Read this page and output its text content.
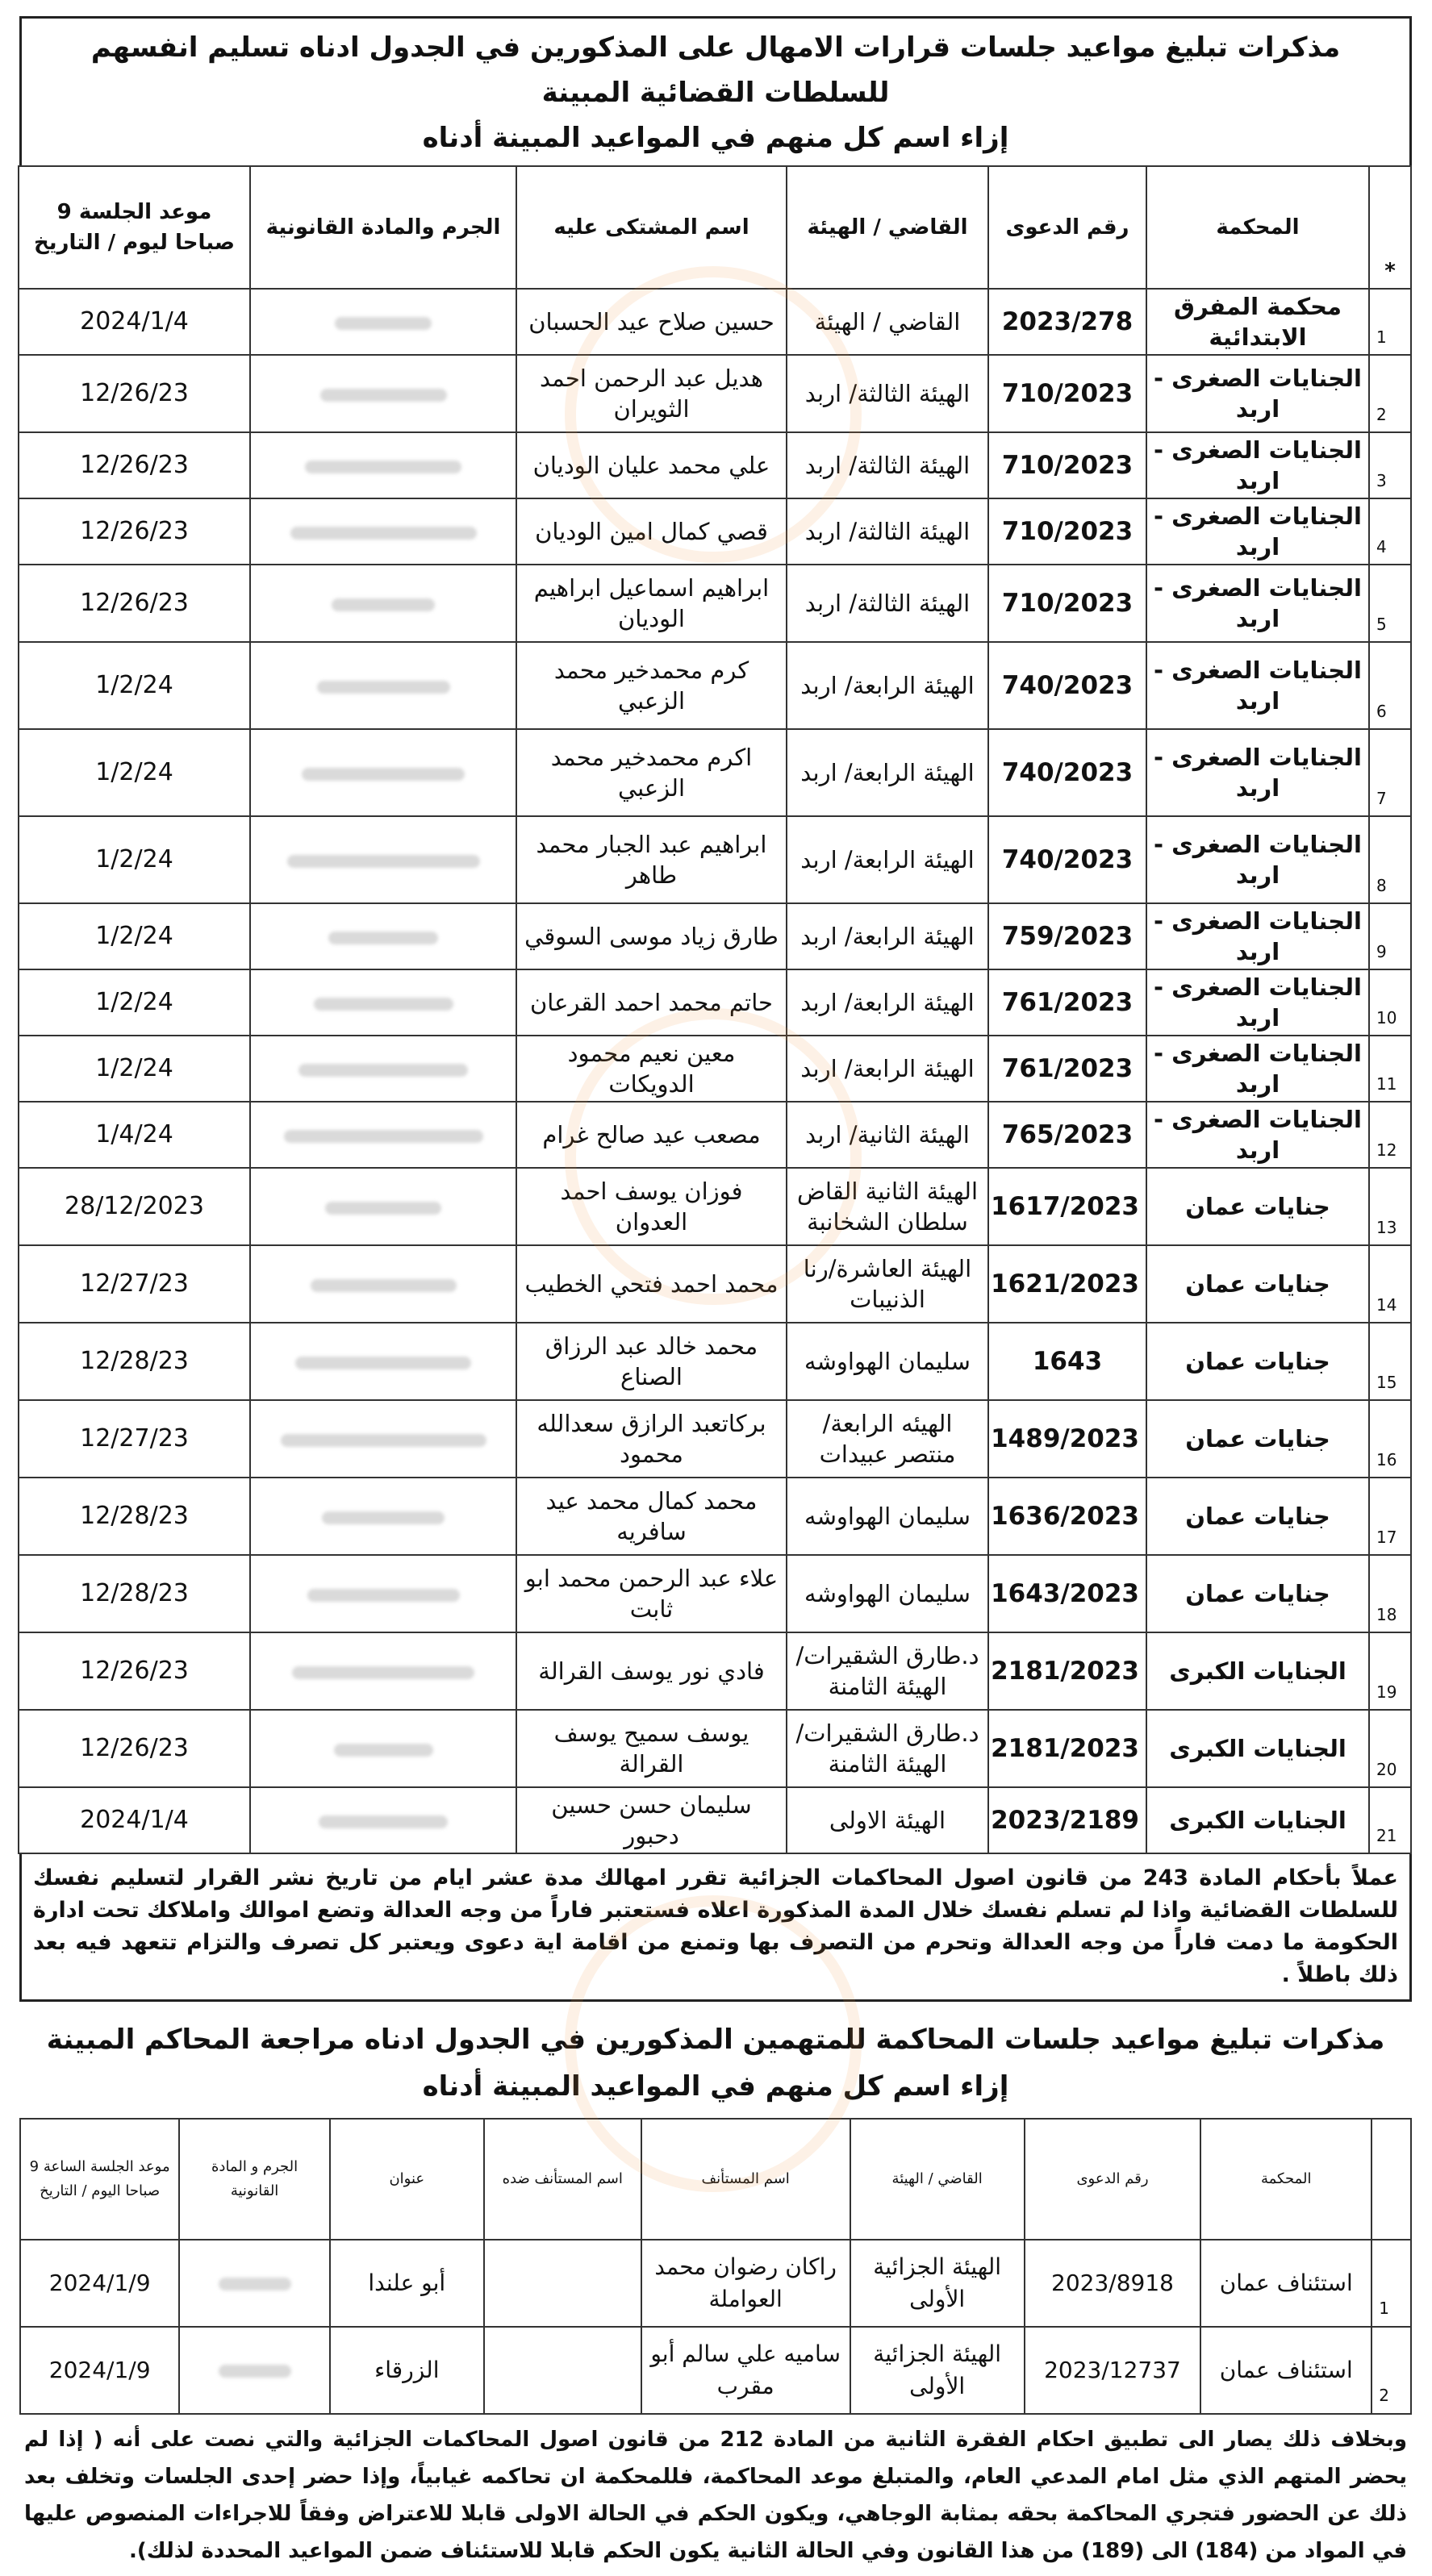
مذكرات تبليغ مواعيد جلسات قرارات الامهال على المذكورين في الجدول ادناه تسليم انفسهم للسلطات القضائية المبينة
إزاء اسم كل منهم في المواعيد المبينة أدناه
*	المحكمة	رقم الدعوى	القاضي / الهيئة	اسم المشتكى عليه	الجرم والمادة القانونية	موعد الجلسة 9 صباحا ليوم / التاريخ
1	محكمة المفرق الابتدائية	2023/278	القاضي / الهيئة	حسين صلاح عيد الحسبان		2024/1/4
2	الجنايات الصغرى - اربد	710/2023	الهيئة الثالثة/ اربد	هديل عبد الرحمن احمد الثويران		12/26/23
3	الجنايات الصغرى - اربد	710/2023	الهيئة الثالثة/ اربد	علي محمد عليان الوديان		12/26/23
4	الجنايات الصغرى - اربد	710/2023	الهيئة الثالثة/ اربد	قصي كمال امين الوديان		12/26/23
5	الجنايات الصغرى - اربد	710/2023	الهيئة الثالثة/ اربد	ابراهيم اسماعيل ابراهيم الوديان		12/26/23
6	الجنايات الصغرى - اربد	740/2023	الهيئة الرابعة/ اربد	كرم محمدخير محمد الزعبي		1/2/24
7	الجنايات الصغرى - اربد	740/2023	الهيئة الرابعة/ اربد	اكرم محمدخير محمد الزعبي		1/2/24
8	الجنايات الصغرى - اربد	740/2023	الهيئة الرابعة/ اربد	ابراهيم عبد الجبار محمد طاهر		1/2/24
9	الجنايات الصغرى - اربد	759/2023	الهيئة الرابعة/ اربد	طارق زياد موسى السوقي		1/2/24
10	الجنايات الصغرى - اربد	761/2023	الهيئة الرابعة/ اربد	حاتم محمد احمد القرعان		1/2/24
11	الجنايات الصغرى - اربد	761/2023	الهيئة الرابعة/ اربد	معين نعيم محمود الدويكات		1/2/24
12	الجنايات الصغرى - اربد	765/2023	الهيئة الثانية/ اربد	مصعب عيد صالح غرام		1/4/24
13	جنايات عمان	1617/2023	الهيئة الثانية القاض سلطان الشخانبة	فوزان يوسف احمد العدوان		28/12/2023
14	جنايات عمان	1621/2023	الهيئة العاشرة/رنا الذنيبات	محمد احمد فتحي الخطيب		12/27/23
15	جنايات عمان	1643	سليمان الهواوشه	محمد خالد عبد الرزاق الصناع		12/28/23
16	جنايات عمان	1489/2023	الهيئه الرابعة/منتصر عبيدات	بركاتعبد الرازق سعدالله محمود		12/27/23
17	جنايات عمان	1636/2023	سليمان الهواوشه	محمد كمال محمد عيد سافريه		12/28/23
18	جنايات عمان	1643/2023	سليمان الهواوشه	علاء عبد الرحمن محمد ابو ثابت		12/28/23
19	الجنايات الكبرى	2181/2023	د.طارق الشقيرات/الهيئة الثامنة	فادي نور يوسف القرالة		12/26/23
20	الجنايات الكبرى	2181/2023	د.طارق الشقيرات/الهيئة الثامنة	يوسف سميح يوسف القرالة		12/26/23
21	الجنايات الكبرى	2023/2189	الهيئة الاولى	سليمان حسن حسين دحبور		2024/1/4
عملاً بأحكام المادة 243 من قانون اصول المحاكمات الجزائية تقرر امهالك مدة عشر ايام من تاريخ نشر القرار لتسليم نفسك للسلطات القضائية واذا لم تسلم نفسك خلال المدة المذكورة اعلاه فستعتبر فاراً من وجه العدالة وتضع اموالك واملاكك تحت ادارة الحكومة ما دمت فاراً من وجه العدالة وتحرم من التصرف بها وتمنع من اقامة اية دعوى ويعتبر كل تصرف والتزام تتعهد فيه بعد ذلك باطلاً .
مذكرات تبليغ مواعيد جلسات المحاكمة للمتهمين المذكورين في الجدول ادناه مراجعة المحاكم المبينة إزاء اسم كل منهم في المواعيد المبينة أدناه
	المحكمة	رقم الدعوى	القاضي / الهيئة	اسم المستأنف	اسم المستأنف ضده	عنوان	الجرم و المادة القانونية	موعد الجلسة الساعة 9 صباحا اليوم / التاريخ
1	استئناف عمان	2023/8918	الهيئة الجزائية الأولى	راكان رضوان محمد العواملة		أبو علندا		2024/1/9
2	استئناف عمان	2023/12737	الهيئة الجزائية الأولى	ساميه علي سالم أبو مقرب		الزرقاء		2024/1/9
وبخلاف ذلك يصار الى تطبيق احكام الفقرة الثانية من المادة 212 من قانون اصول المحاكمات الجزائية والتي نصت على أنه ( إذا لم يحضر المتهم الذي مثل امام المدعي العام، والمتبلغ موعد المحاكمة، فللمحكمة ان تحاكمه غيابياً، وإذا حضر إحدى الجلسات وتخلف بعد ذلك عن الحضور فتجري المحاكمة بحقه بمثابة الوجاهي، ويكون الحكم في الحالة الاولى قابلا للاعتراض وفقاً للاجراءات المنصوص عليها في المواد من (184) الى (189) من هذا القانون وفي الحالة الثانية يكون الحكم قابلا للاستئناف ضمن المواعيد المحددة لذلك).
